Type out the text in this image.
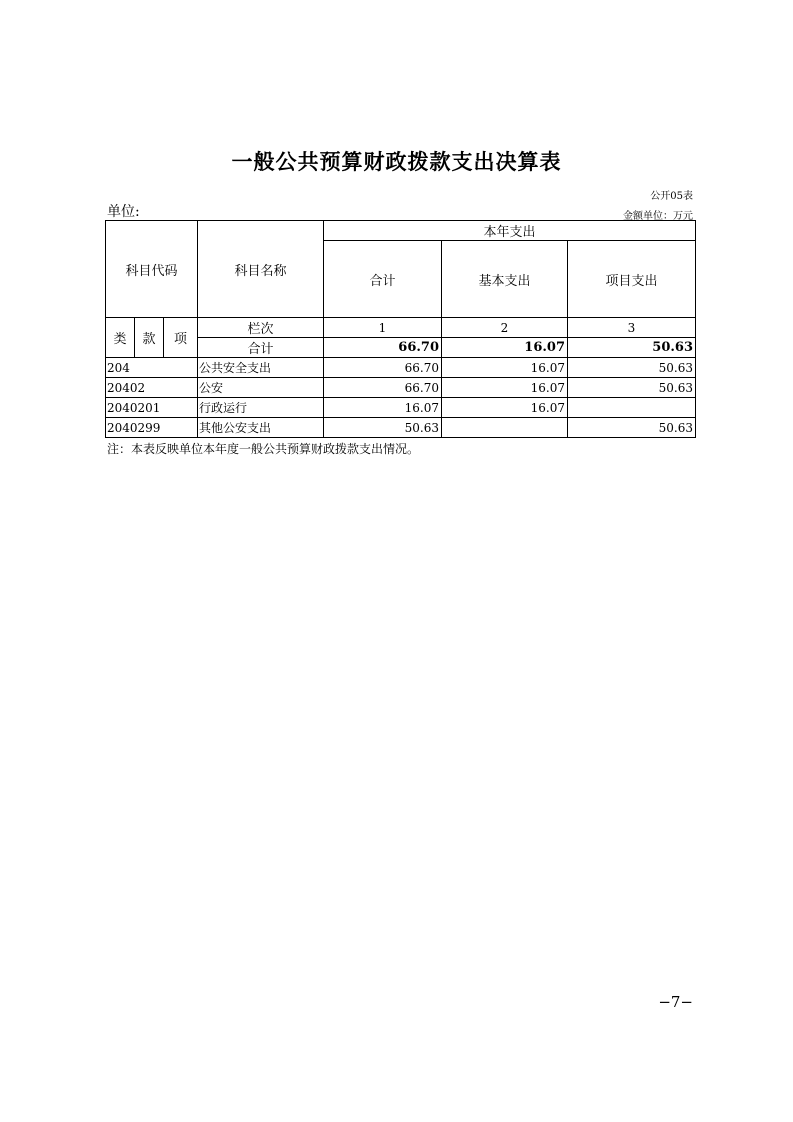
一般公共预算财政拨款支出决算表
公开05表
单位:	金额单位：万元
科目代码			科目名称	本年支出		
				合计	基本支出	项目支出
类	款	项	栏次	1	2	3
			合计	66.70	16.07	50.63
204			公共安全支出	66.70	16.07	50.63
20402			公安	66.70	16.07	50.63
2040201			行政运行	16.07	16.07	
2040299			其他公安支出	50.63		50.63
注：本表反映单位本年度一般公共预算财政拨款支出情况。
−7−
